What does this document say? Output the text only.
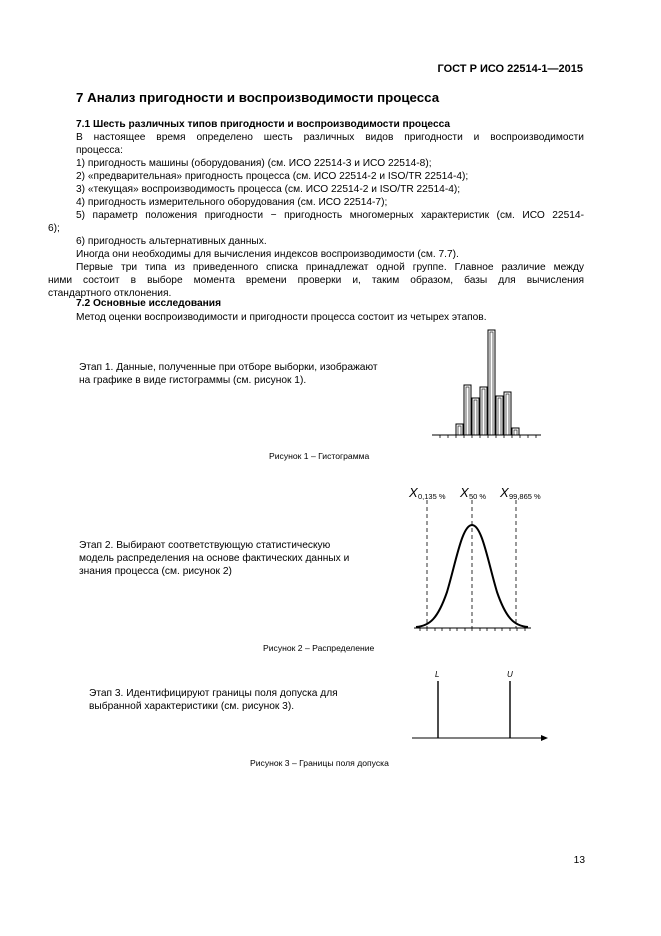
ГОСТ Р ИСО 22514-1—2015
7 Анализ пригодности и воспроизводимости процесса
7.1 Шесть различных типов пригодности и воспроизводимости процесса
В настоящее время определено шесть различных видов пригодности и воспроизводимости
процесса:
1) пригодность машины (оборудования) (см. ИСО 22514-3 и ИСО 22514-8);
2) «предварительная» пригодность процесса (см. ИСО 22514-2 и ISO/TR 22514-4);
3) «текущая» воспроизводимость процесса (см. ИСО 22514-2 и ISO/TR 22514-4);
4) пригодность измерительного оборудования (см. ИСО 22514-7);
5) параметр положения пригодности − пригодность многомерных характеристик (см. ИСО 22514-
6);
6) пригодность альтернативных данных.
Иногда они необходимы для вычисления индексов воспроизводимости (см. 7.7).
Первые три типа из приведенного списка принадлежат одной группе. Главное различие между
ними состоит в выборе момента времени проверки и, таким образом, базы для вычисления
стандартного отклонения.
7.2 Основные исследования
Метод оценки воспроизводимости и пригодности процесса состоит из четырех этапов.
Этап 1. Данные, полученные при отборе выборки, изображают
на графике в виде гистограммы (см. рисунок 1).
Рисунок 1 – Гистограмма
X 0,135 % X 50 % X 99,865 %
Этап 2. Выбирают соответствующую статистическую
модель распределения на основе фактических данных и
знания процесса (см. рисунок 2)
Рисунок 2 – Распределение
Этап 3. Идентифицируют границы поля допуска для
выбранной характеристики (см. рисунок 3).
L	U
Рисунок 3 – Границы поля допуска
13
